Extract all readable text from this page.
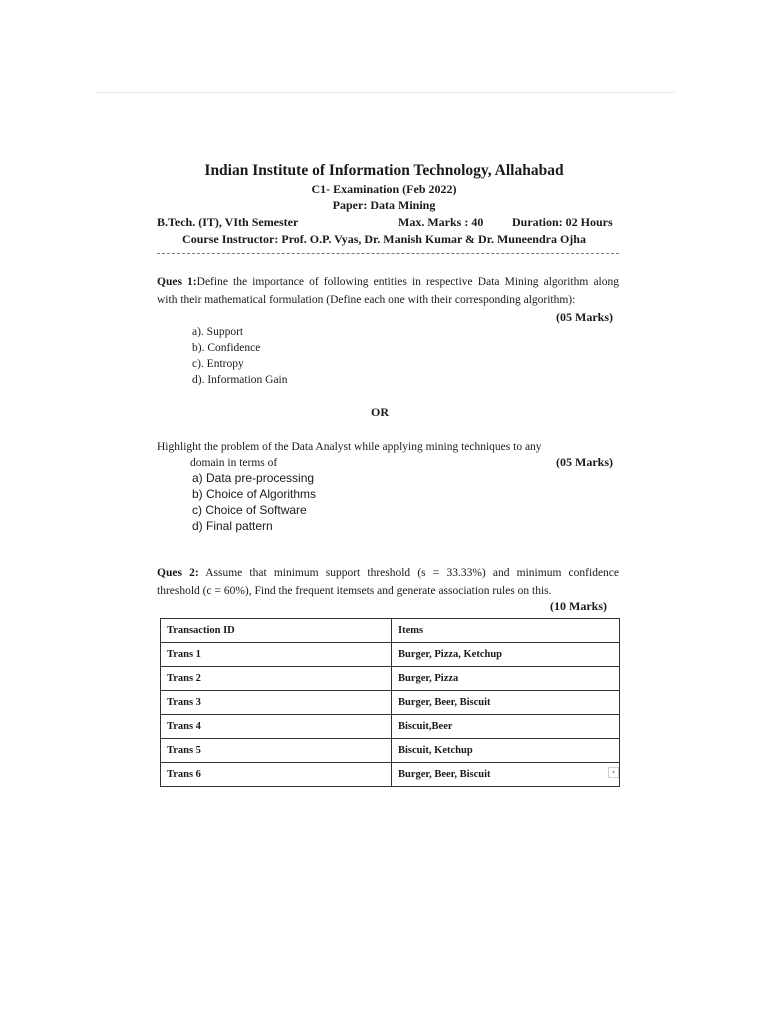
Indian Institute of Information Technology, Allahabad
C1- Examination (Feb 2022)
Paper: Data Mining
B.Tech. (IT), VIth Semester	Max. Marks : 40 Duration: 02 Hours
Course Instructor: Prof. O.P. Vyas, Dr. Manish Kumar & Dr. Muneendra Ojha
Ques 1:Define the importance of following entities in respective Data Mining algorithm along
with their mathematical formulation (Define each one with their corresponding algorithm):
(05 Marks)
a). Support
b). Confidence
c). Entropy
d). Information Gain
OR
Highlight the problem of the Data Analyst while applying mining techniques to any
domain in terms of	(05 Marks)
a) Data pre-processing
b) Choice of Algorithms
c) Choice of Software
d) Final pattern
Ques 2: Assume that minimum support threshold (s = 33.33%) and minimum confidence
threshold (c = 60%), Find the frequent itemsets and generate association rules on this.
(10 Marks)
Transaction ID	Items
Trans 1	Burger, Pizza, Ketchup
Trans 2	Burger, Pizza
Trans 3	Burger, Beer, Biscuit
Trans 4	Biscuit,Beer
Trans 5	Biscuit, Ketchup
Trans 6	Burger, Beer, Biscuit	▾
